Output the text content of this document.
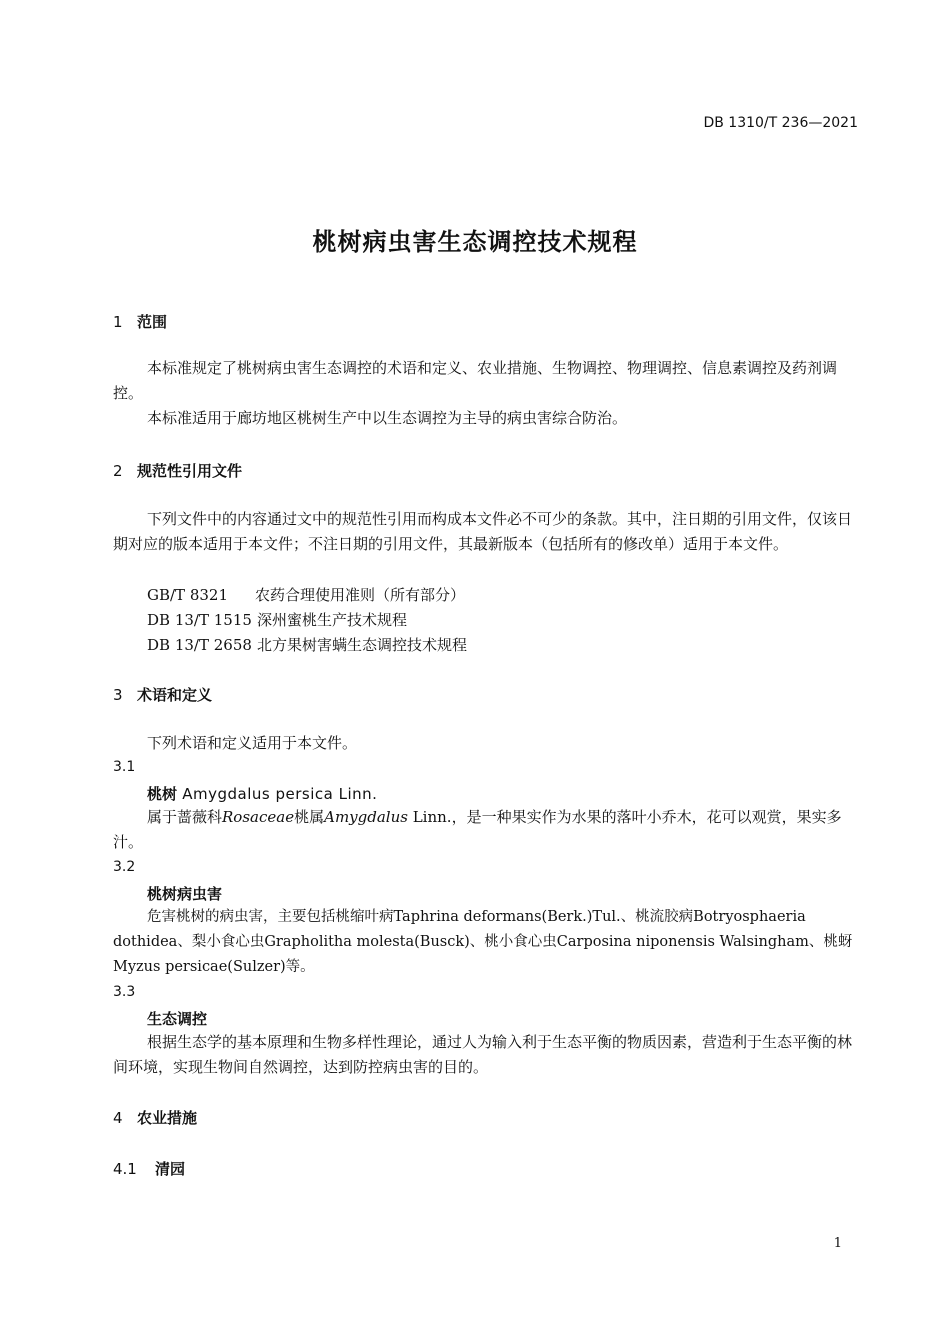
DB 1310/T 236—2021
桃树病虫害生态调控技术规程
1 范围
本标准规定了桃树病虫害生态调控的术语和定义、农业措施、生物调控、物理调控、信息素调控及药剂调控。
本标准适用于廊坊地区桃树生产中以生态调控为主导的病虫害综合防治。
2 规范性引用文件
下列文件中的内容通过文中的规范性引用而构成本文件必不可少的条款。其中，注日期的引用文件，仅该日期对应的版本适用于本文件；不注日期的引用文件，其最新版本（包括所有的修改单）适用于本文件。
GB/T 8321 农药合理使用准则（所有部分）
DB 13/T 1515 深州蜜桃生产技术规程
DB 13/T 2658 北方果树害螨生态调控技术规程
3 术语和定义
下列术语和定义适用于本文件。
3.1
桃树 Amygdalus persica Linn.
属于蔷薇科Rosaceae桃属Amygdalus Linn.，是一种果实作为水果的落叶小乔木，花可以观赏，果实多汁。
3.2
桃树病虫害
危害桃树的病虫害，主要包括桃缩叶病Taphrina deformans(Berk.)Tul.、桃流胶病Botryosphaeria dothidea、梨小食心虫Grapholitha molesta(Busck)、桃小食心虫Carposina niponensis Walsingham、桃蚜Myzus persicae(Sulzer)等。
3.3
生态调控
根据生态学的基本原理和生物多样性理论，通过人为输入利于生态平衡的物质因素，营造利于生态平衡的林间环境，实现生物间自然调控，达到防控病虫害的目的。
4 农业措施
4.1 清园
1
